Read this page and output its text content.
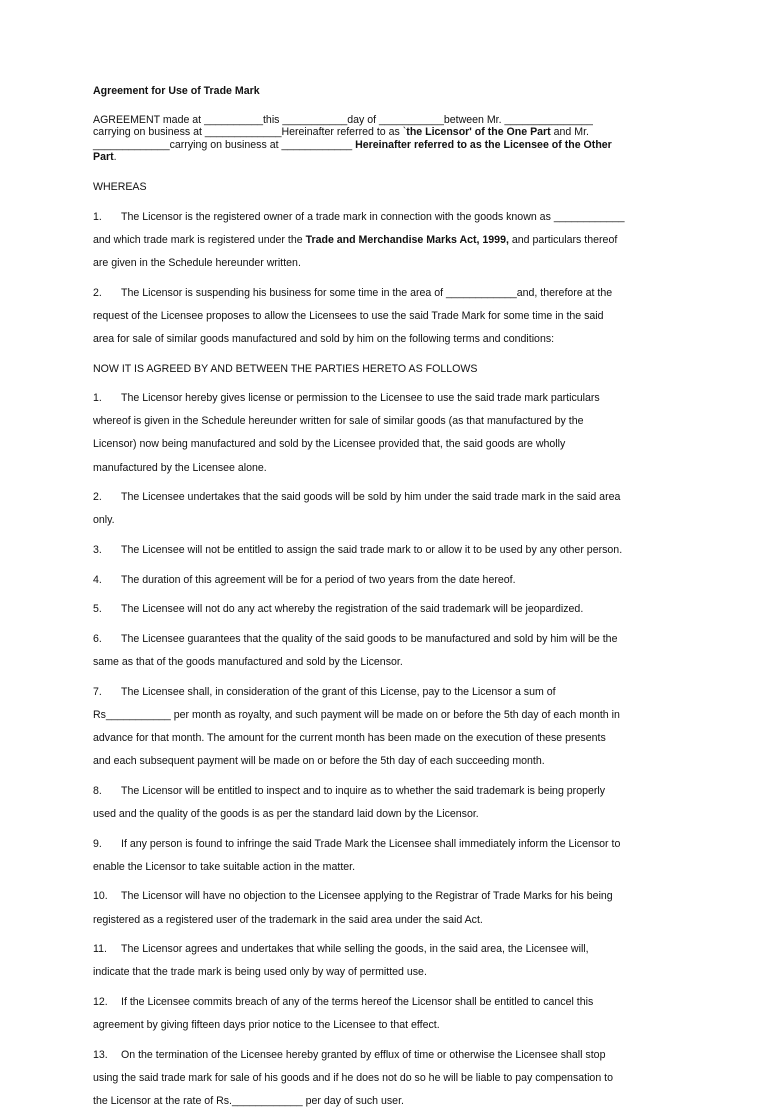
Agreement for Use of Trade Mark

AGREEMENT made at __________this ___________day of ___________between Mr. _______________

carrying on business at _____________Hereinafter referred to as `the Licensor' of the One Part and Mr.

_____________carrying on business at ____________ Hereinafter referred to as the Licensee of the Other

Part.

WHEREAS

1. The Licensor is the registered owner of a trade mark in connection with the goods known as ____________

and which trade mark is registered under the Trade and Merchandise Marks Act, 1999, and particulars thereof

are given in the Schedule hereunder written.

2. The Licensor is suspending his business for some time in the area of ____________and, therefore at the

request of the Licensee proposes to allow the Licensees to use the said Trade Mark for some time in the said

area for sale of similar goods manufactured and sold by him on the following terms and conditions:

NOW IT IS AGREED BY AND BETWEEN THE PARTIES HERETO AS FOLLOWS

1. The Licensor hereby gives license or permission to the Licensee to use the said trade mark particulars

whereof is given in the Schedule hereunder written for sale of similar goods (as that manufactured by the

Licensor) now being manufactured and sold by the Licensee provided that, the said goods are wholly

manufactured by the Licensee alone.

2. The Licensee undertakes that the said goods will be sold by him under the said trade mark in the said area

only.

3. The Licensee will not be entitled to assign the said trade mark to or allow it to be used by any other person.

4. The duration of this agreement will be for a period of two years from the date hereof.

5. The Licensee will not do any act whereby the registration of the said trademark will be jeopardized.

6. The Licensee guarantees that the quality of the said goods to be manufactured and sold by him will be the

same as that of the goods manufactured and sold by the Licensor.

7. The Licensee shall, in consideration of the grant of this License, pay to the Licensor a sum of

Rs___________ per month as royalty, and such payment will be made on or before the 5th day of each month in

advance for that month. The amount for the current month has been made on the execution of these presents

and each subsequent payment will be made on or before the 5th day of each succeeding month.

8. The Licensor will be entitled to inspect and to inquire as to whether the said trademark is being properly

used and the quality of the goods is as per the standard laid down by the Licensor.

9. If any person is found to infringe the said Trade Mark the Licensee shall immediately inform the Licensor to

enable the Licensor to take suitable action in the matter.

10. The Licensor will have no objection to the Licensee applying to the Registrar of Trade Marks for his being

registered as a registered user of the trademark in the said area under the said Act.

11. The Licensor agrees and undertakes that while selling the goods, in the said area, the Licensee will,

indicate that the trade mark is being used only by way of permitted use.

12. If the Licensee commits breach of any of the terms hereof the Licensor shall be entitled to cancel this

agreement by giving fifteen days prior notice to the Licensee to that effect.

13. On the termination of the Licensee hereby granted by efflux of time or otherwise the Licensee shall stop

using the said trade mark for sale of his goods and if he does not do so he will be liable to pay compensation to

the Licensor at the rate of Rs.____________ per day of such user.
